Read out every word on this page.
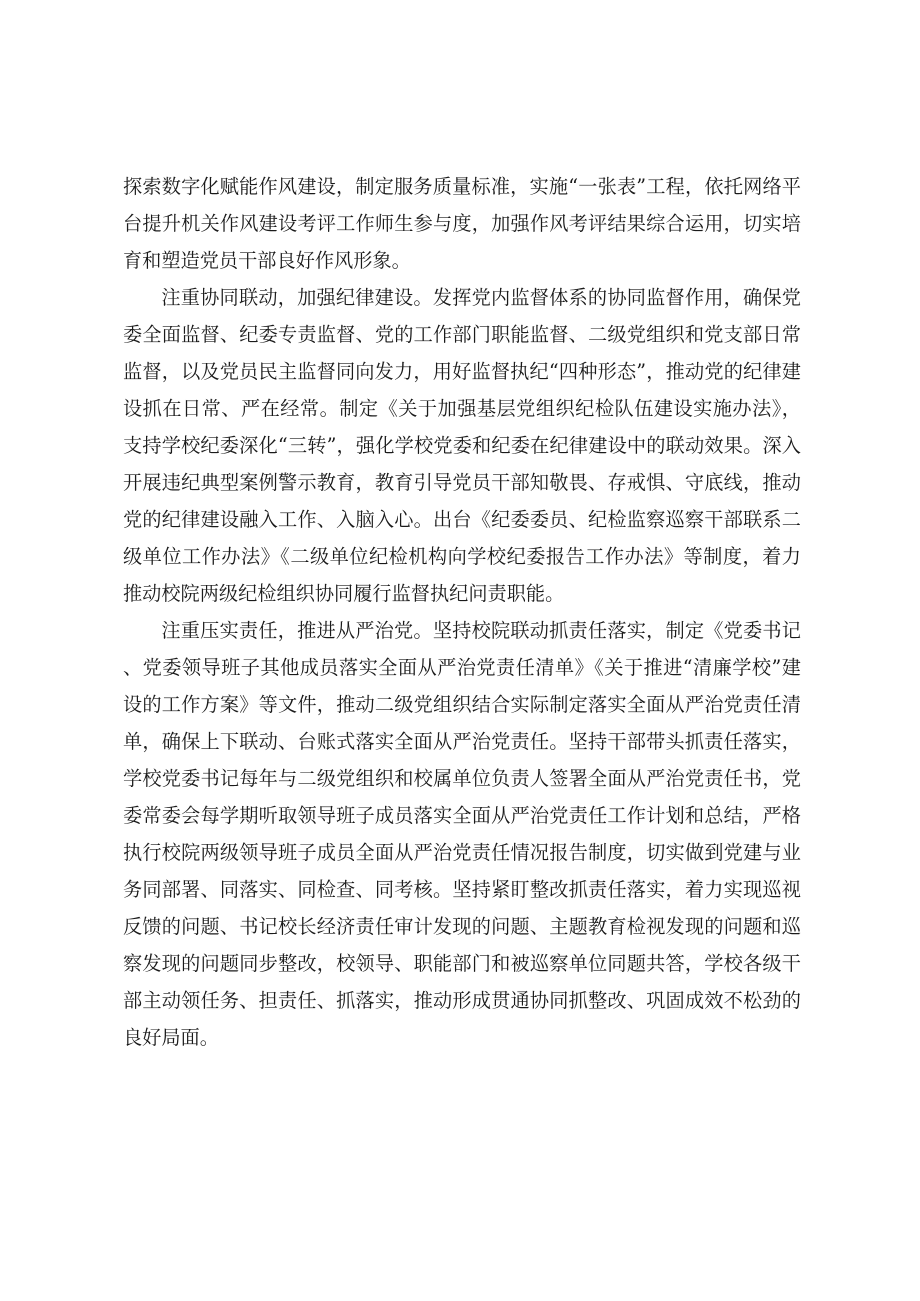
探索数字化赋能作风建设，制定服务质量标准，实施“一张表”工程，依托网络平台提升机关作风建设考评工作师生参与度，加强作风考评结果综合运用，切实培育和塑造党员干部良好作风形象。

注重协同联动，加强纪律建设。发挥党内监督体系的协同监督作用，确保党委全面监督、纪委专责监督、党的工作部门职能监督、二级党组织和党支部日常监督，以及党员民主监督同向发力，用好监督执纪“四种形态”，推动党的纪律建设抓在日常、严在经常。制定《关于加强基层党组织纪检队伍建设实施办法》，支持学校纪委深化“三转”，强化学校党委和纪委在纪律建设中的联动效果。深入开展违纪典型案例警示教育，教育引导党员干部知敬畏、存戒惧、守底线，推动党的纪律建设融入工作、入脑入心。出台《纪委委员、纪检监察巡察干部联系二级单位工作办法》《二级单位纪检机构向学校纪委报告工作办法》等制度，着力推动校院两级纪检组织协同履行监督执纪问责职能。

注重压实责任，推进从严治党。坚持校院联动抓责任落实，制定《党委书记、党委领导班子其他成员落实全面从严治党责任清单》《关于推进“清廉学校”建设的工作方案》等文件，推动二级党组织结合实际制定落实全面从严治党责任清单，确保上下联动、台账式落实全面从严治党责任。坚持干部带头抓责任落实，学校党委书记每年与二级党组织和校属单位负责人签署全面从严治党责任书，党委常委会每学期听取领导班子成员落实全面从严治党责任工作计划和总结，严格执行校院两级领导班子成员全面从严治党责任情况报告制度，切实做到党建与业务同部署、同落实、同检查、同考核。坚持紧盯整改抓责任落实，着力实现巡视反馈的问题、书记校长经济责任审计发现的问题、主题教育检视发现的问题和巡察发现的问题同步整改，校领导、职能部门和被巡察单位同题共答，学校各级干部主动领任务、担责任、抓落实，推动形成贯通协同抓整改、巩固成效不松劲的良好局面。
